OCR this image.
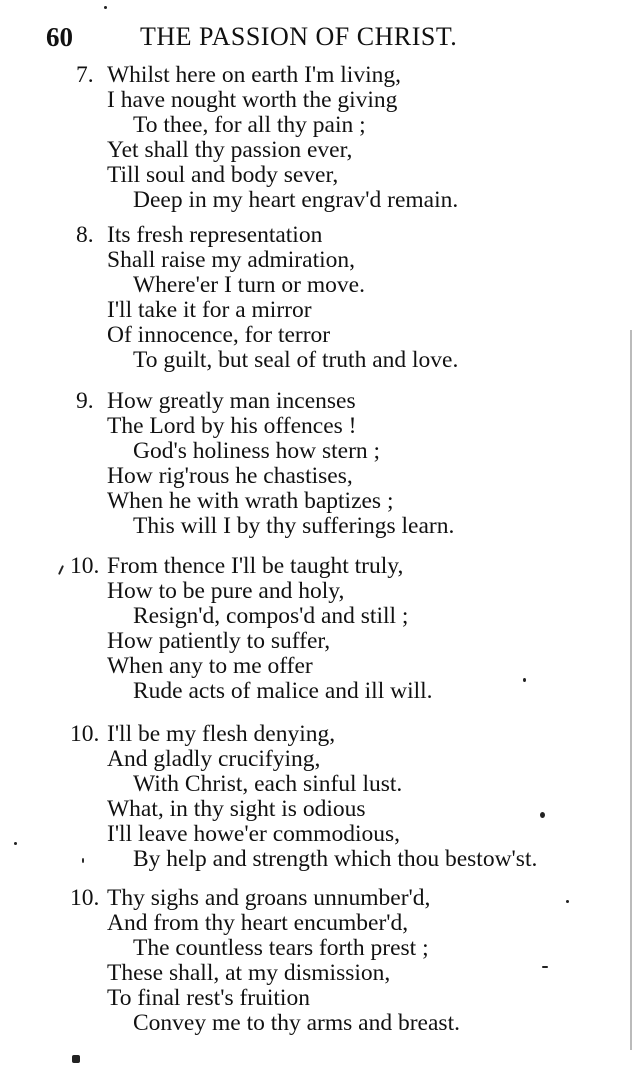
60	THE PASSION OF CHRIST.
7. Whilst here on earth I'm living,
I have nought worth the giving
To thee, for all thy pain ;
Yet shall thy passion ever,
Till soul and body sever,
Deep in my heart engrav'd remain.
8. Its fresh representation
Shall raise my admiration,
Where'er I turn or move.
I'll take it for a mirror
Of innocence, for terror
To guilt, but seal of truth and love.
9. How greatly man incenses
The Lord by his offences !
God's holiness how stern ;
How rig'rous he chastises,
When he with wrath baptizes ;
This will I by thy sufferings learn.
10. From thence I'll be taught truly,
How to be pure and holy,
Resign'd, compos'd and still ;
How patiently to suffer,
When any to me offer
Rude acts of malice and ill will.
10. I'll be my flesh denying,
And gladly crucifying,
With Christ, each sinful lust.
What, in thy sight is odious
I'll leave howe'er commodious,
By help and strength which thou bestow'st.
10. Thy sighs and groans unnumber'd,
And from thy heart encumber'd,
The countless tears forth prest ;
These shall, at my dismission,
To final rest's fruition
Convey me to thy arms and breast.
